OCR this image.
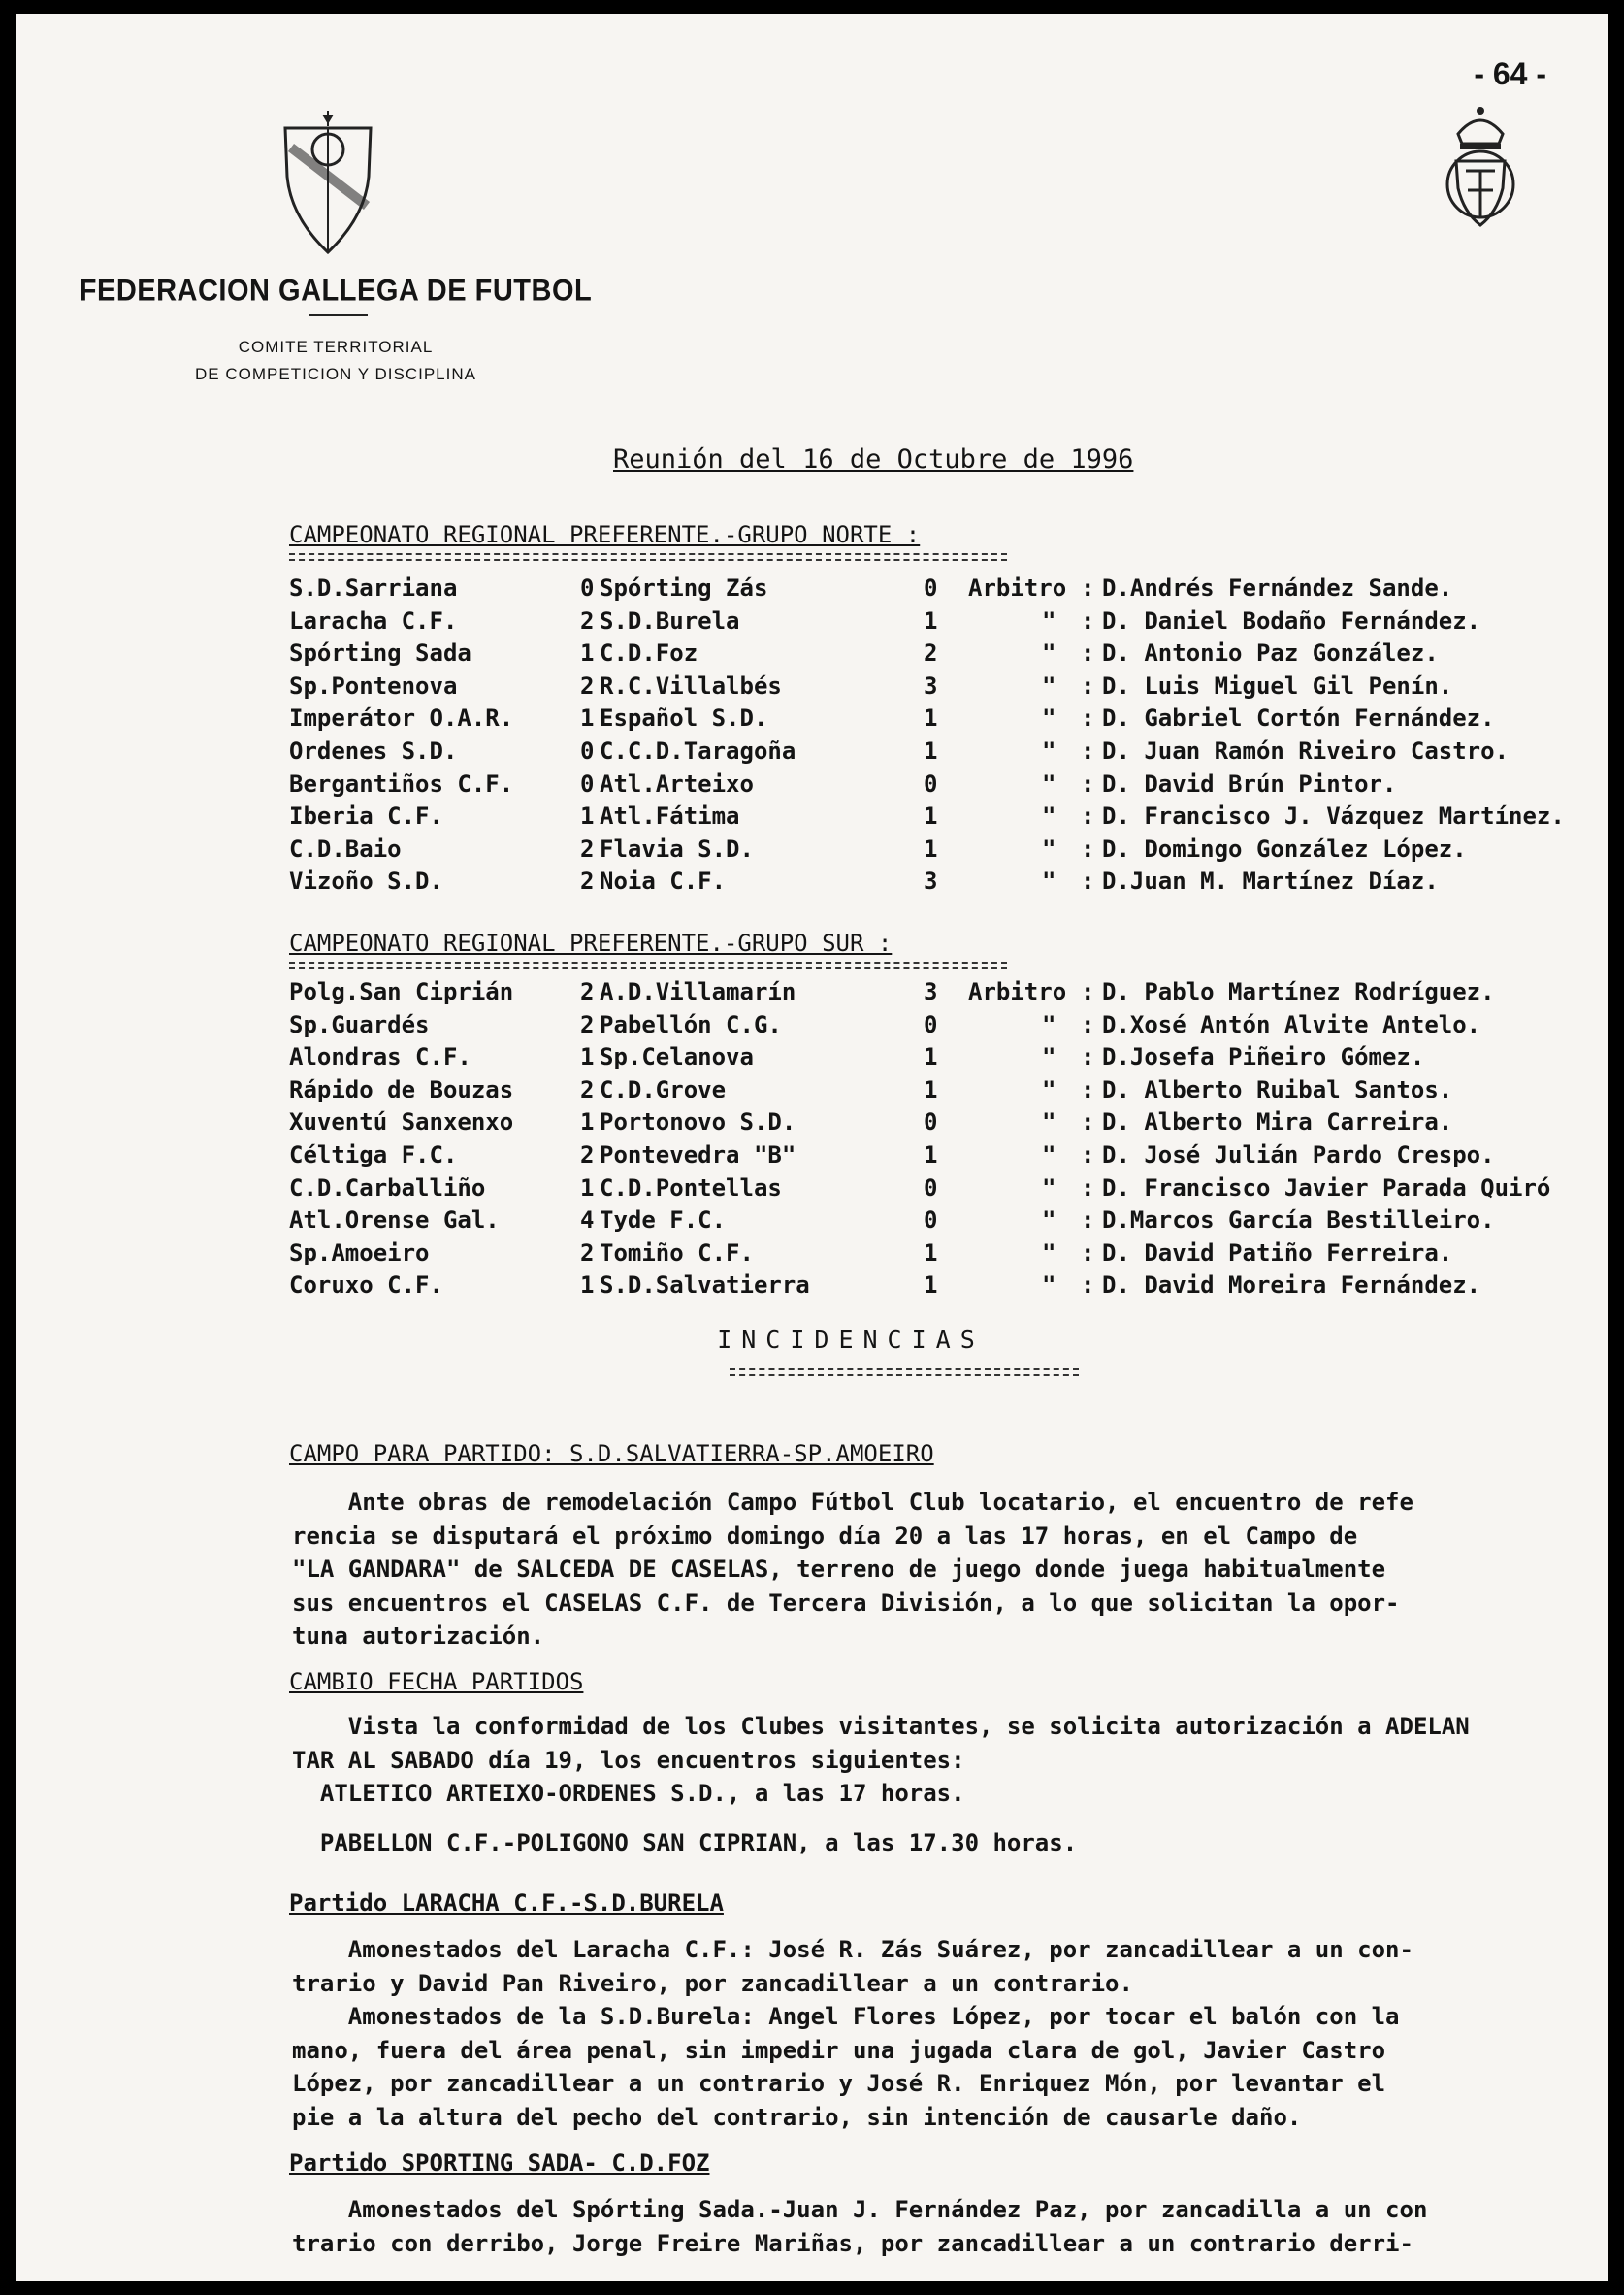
- 64 -
FEDERACION GALLEGA DE FUTBOL
COMITE TERRITORIAL
DE COMPETICION Y DISCIPLINA
Reunión del 16 de Octubre de 1996
CAMPEONATO REGIONAL PREFERENTE.-GRUPO NORTE :
S.D.Sarriana	0 Spórting Zás	0 Arbitro : D.Andrés Fernández Sande.
Laracha C.F.	2 S.D.Burela	1	" : D. Daniel Bodaño Fernández.
Spórting Sada	1 C.D.Foz	2	" : D. Antonio Paz González.
Sp.Pontenova	2 R.C.Villalbés	3	" : D. Luis Miguel Gil Penín.
Imperátor O.A.R.	1 Español S.D.	1	" : D. Gabriel Cortón Fernández.
Ordenes S.D.	0 C.C.D.Taragoña	1	" : D. Juan Ramón Riveiro Castro.
Bergantiños C.F.	0 Atl.Arteixo	0	" : D. David Brún Pintor.
Iberia C.F.	1 Atl.Fátima	1	" : D. Francisco J. Vázquez Martínez.
C.D.Baio	2 Flavia S.D.	1	" : D. Domingo González López.
Vizoño S.D.	2 Noia C.F.	3	" : D.Juan M. Martínez Díaz.
CAMPEONATO REGIONAL PREFERENTE.-GRUPO SUR :
Polg.San Ciprián	2 A.D.Villamarín	3 Arbitro : D. Pablo Martínez Rodríguez.
Sp.Guardés	2 Pabellón C.G.	0	" : D.Xosé Antón Alvite Antelo.
Alondras C.F.	1 Sp.Celanova	1	" : D.Josefa Piñeiro Gómez.
Rápido de Bouzas	2 C.D.Grove	1	" : D. Alberto Ruibal Santos.
Xuventú Sanxenxo	1 Portonovo S.D.	0	" : D. Alberto Mira Carreira.
Céltiga F.C.	2 Pontevedra "B"	1	" : D. José Julián Pardo Crespo.
C.D.Carballiño	1 C.D.Pontellas	0	" : D. Francisco Javier Parada Quiró
Atl.Orense Gal.	4 Tyde F.C.	0	" : D.Marcos García Bestilleiro.
Sp.Amoeiro	2 Tomiño C.F.	1	" : D. David Patiño Ferreira.
Coruxo C.F.	1 S.D.Salvatierra	1	" : D. David Moreira Fernández.
INCIDENCIAS
CAMPO PARA PARTIDO: S.D.SALVATIERRA-SP.AMOEIRO
Ante obras de remodelación Campo Fútbol Club locatario, el encuentro de refe
rencia se disputará el próximo domingo día 20 a las 17 horas, en el Campo de
"LA GANDARA" de SALCEDA DE CASELAS, terreno de juego donde juega habitualmente
sus encuentros el CASELAS C.F. de Tercera División, a lo que solicitan la opor-
tuna autorización.
CAMBIO FECHA PARTIDOS
Vista la conformidad de los Clubes visitantes, se solicita autorización a ADELAN
TAR AL SABADO día 19, los encuentros siguientes:
ATLETICO ARTEIXO-ORDENES S.D., a las 17 horas.
PABELLON C.F.-POLIGONO SAN CIPRIAN, a las 17.30 horas.
Partido LARACHA C.F.-S.D.BURELA
Amonestados del Laracha C.F.: José R. Zás Suárez, por zancadillear a un con-
trario y David Pan Riveiro, por zancadillear a un contrario.
Amonestados de la S.D.Burela: Angel Flores López, por tocar el balón con la
mano, fuera del área penal, sin impedir una jugada clara de gol, Javier Castro
López, por zancadillear a un contrario y José R. Enriquez Món, por levantar el
pie a la altura del pecho del contrario, sin intención de causarle daño.
Partido SPORTING SADA- C.D.FOZ
Amonestados del Spórting Sada.-Juan J. Fernández Paz, por zancadilla a un con
trario con derribo, Jorge Freire Mariñas, por zancadillear a un contrario derri-
